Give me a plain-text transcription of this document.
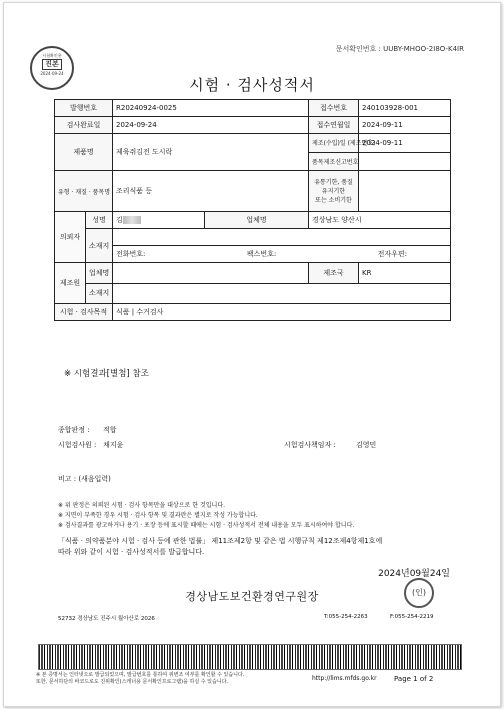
문서확인번호 : UUBY-MHOO-2I8O-K4IR
시험확인용
진본
2024-09-24
시험 · 검사성적서
발행번호		R20240924-0025		접수번호	240103928-001
검사완료일		2024-09-24		접수연월일	2024-09-11
제품명		제육쥐김전 도시락		제조(수입)일 (제조번호)	2024-09-11
				품목제조신고번호	
유형 · 재질 · 품목명		조리식품 등		유통기한, 품질유지기한
또는 소비기한	

의뢰자	성명	김	업체명	경상남도 양산시	
	소재지				

		전화번호: 팩스번호: 전자우편:			

제조원	업체명			제조국	KR
	소재지				
시험 · 검사목적		식품 | 수거검사			
※ 시험결과[별첨] 참조
종합판정 : 적합
시험검사원 : 채지윤	시험검사책임자 :	김영민
비고 : (새음입력)
※ 위 판정은 의뢰된 시험 · 검사 항목만을 대상으로 한 것입니다.
※ 지면이 부족한 경우 시험 · 검사 항목 및 결과란은 별지로 작성 가능합니다.
※ 검사결과를 광고하거나 용기 · 포장 등에 표시할 때에는 시험 · 검사성적서 전체 내용을 모두 표시하여야 합니다.
「식품 · 의약품분야 시험 · 검사 등에 관한 법률」 제11조제2항 및 같은 법 시행규칙 제12조제4항제1호에
따라 위와 같이 시험 · 검사성적서를 발급합니다.
2024년09월24일
경상남도보건환경연구원장	(인)
52732 경상남도 진주시 월아산로 2026	T:055-254-2263	F:055-254-2219
※ 본 증명서는 인터넷으로 발급되었으며, 발급번호를 통하여 위변조 여부를 확인할 수 있습니다.
또한, 문서하단의 바코드로도 진위확인(스캐너용 문서확인프로그램)을 하실 수 있습니다.	http://lims.mfds.go.kr Page 1 of 2
